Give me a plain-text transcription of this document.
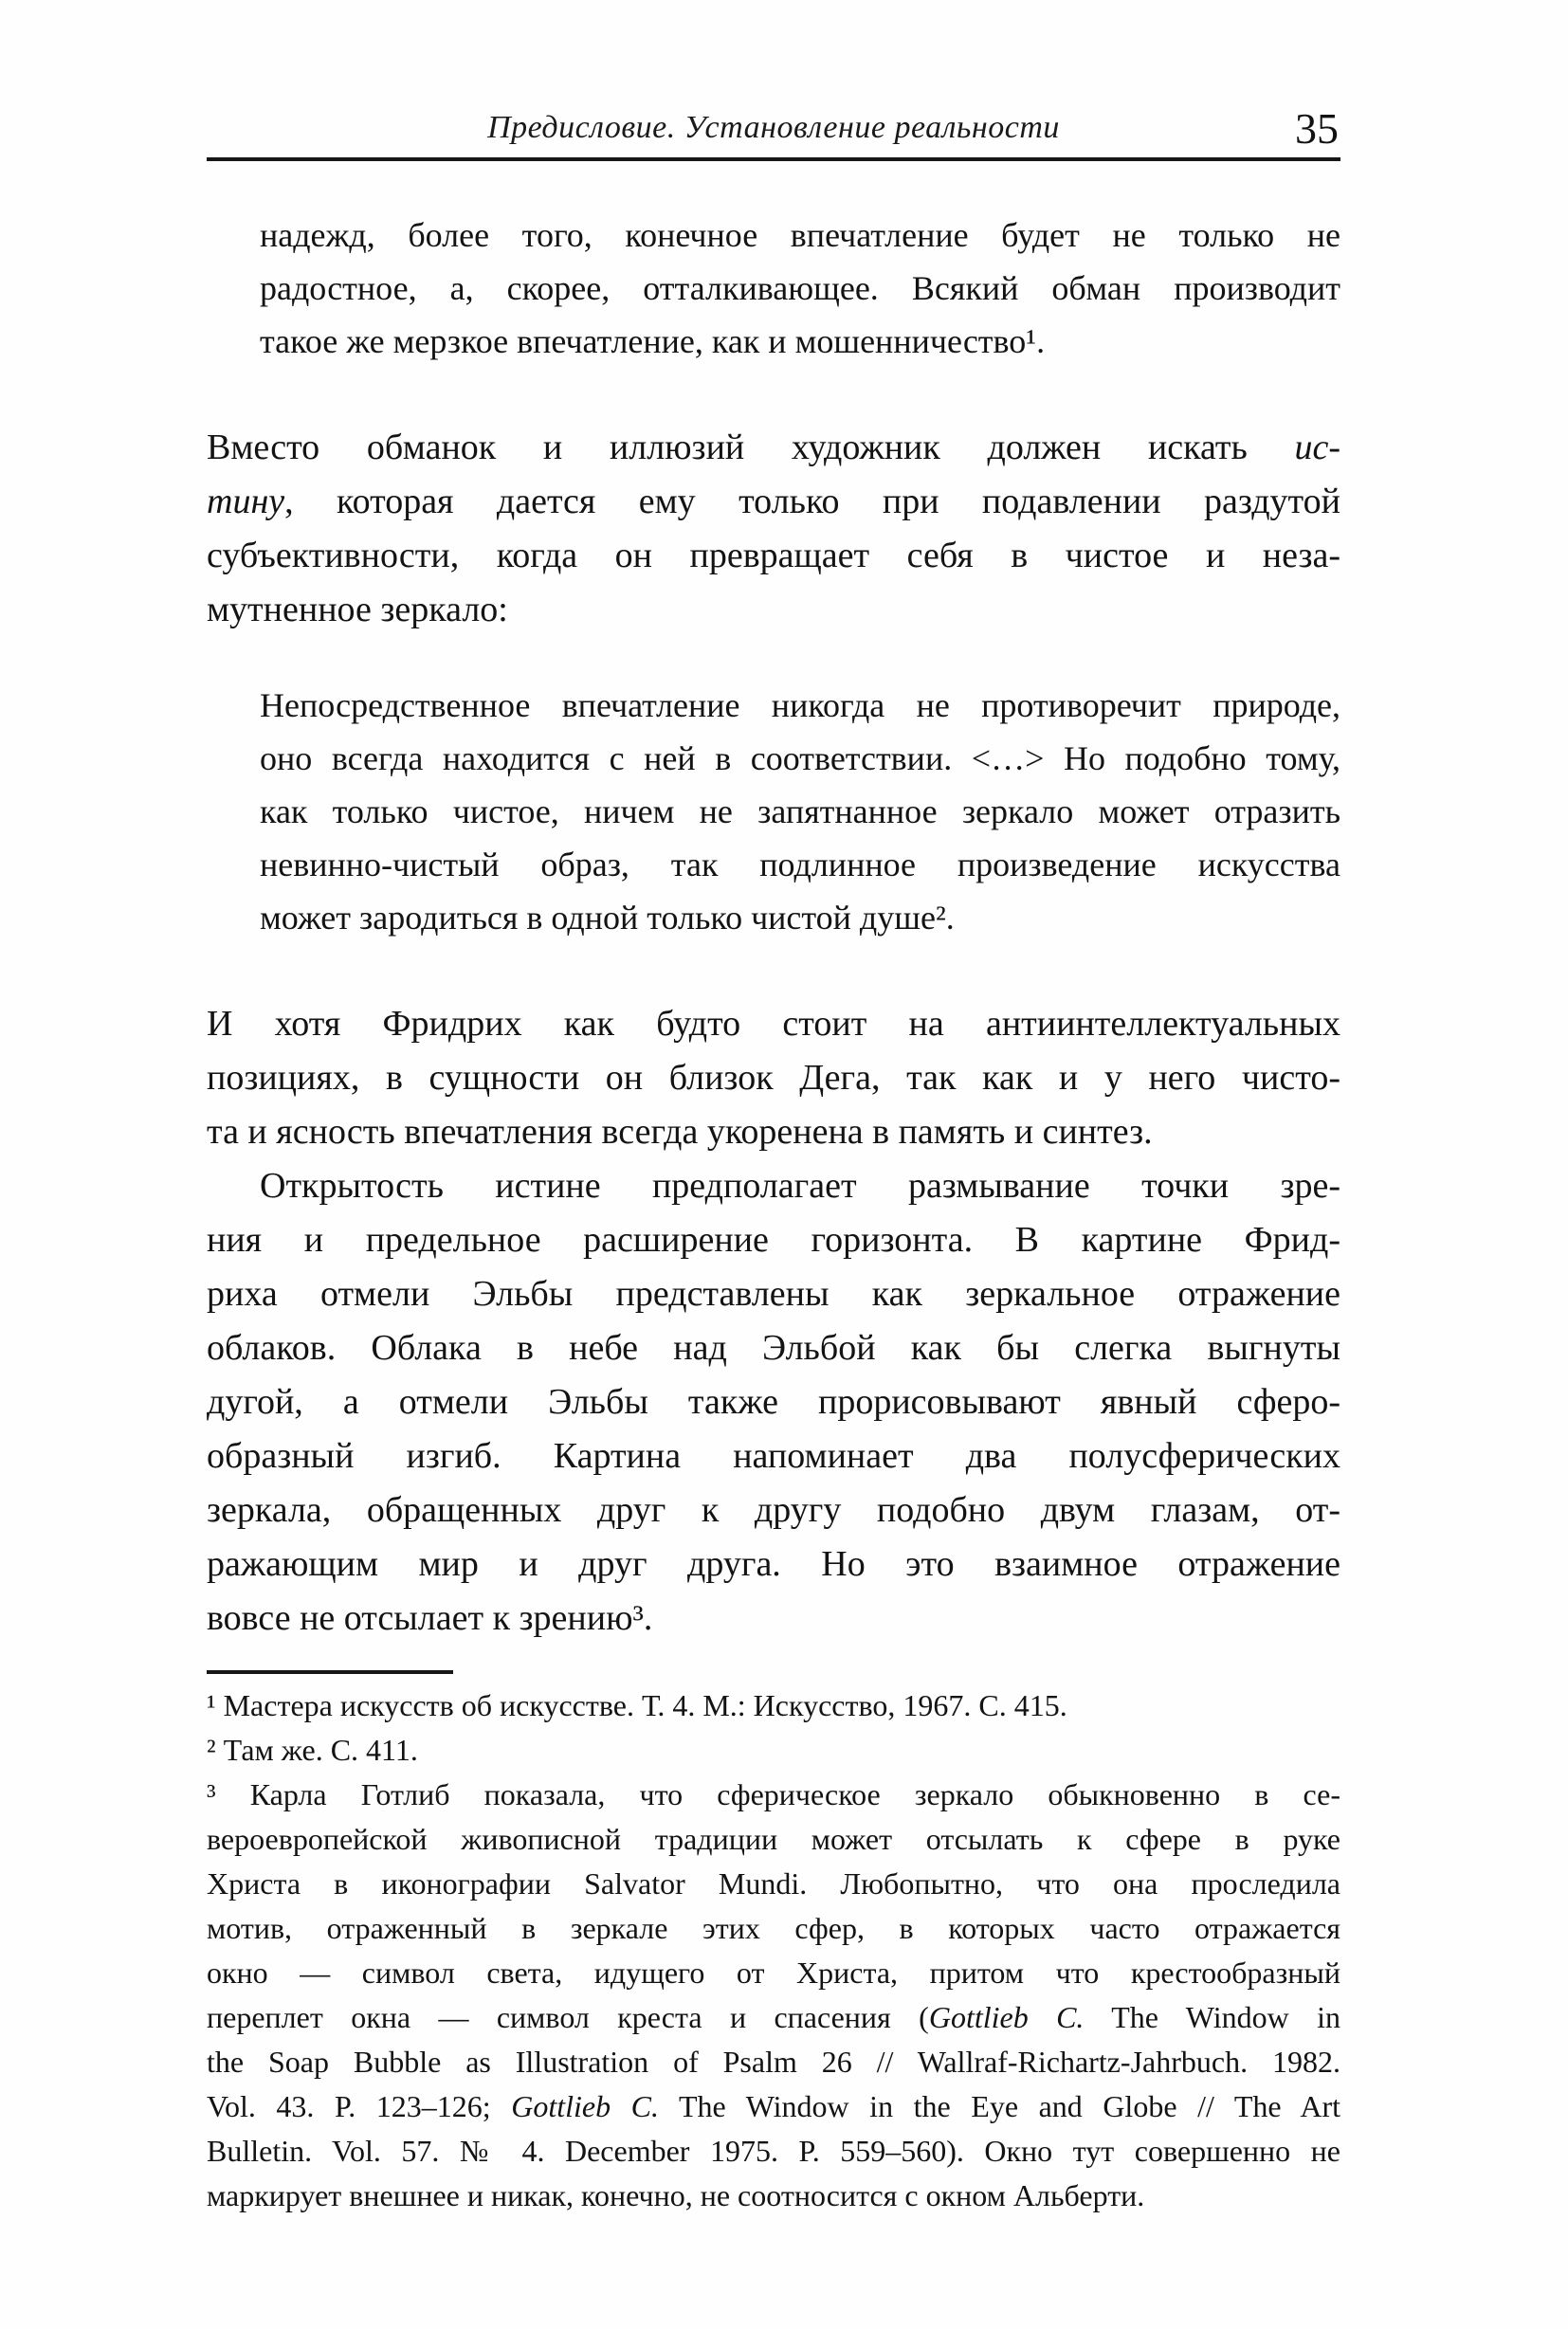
Предисловие. Установление реальности	35
надежд, более того, конечное впечатление будет не только не
радостное, а, скорее, отталкивающее. Всякий обман производит
такое же мерзкое впечатление, как и мошенничество¹.
Вместо обманок и иллюзий художник должен искать ис-
тину, которая дается ему только при подавлении раздутой
субъективности, когда он превращает себя в чистое и неза-
мутненное зеркало:
Непосредственное впечатление никогда не противоречит природе,
оно всегда находится с ней в соответствии. <…> Но подобно тому,
как только чистое, ничем не запятнанное зеркало может отразить
невинно-чистый образ, так подлинное произведение искусства
может зародиться в одной только чистой душе².
И хотя Фридрих как будто стоит на антиинтеллектуальных
позициях, в сущности он близок Дега, так как и у него чисто-
та и ясность впечатления всегда укоренена в память и синтез.
Открытость истине предполагает размывание точки зре-
ния и предельное расширение горизонта. В картине Фрид-
риха отмели Эльбы представлены как зеркальное отражение
облаков. Облака в небе над Эльбой как бы слегка выгнуты
дугой, а отмели Эльбы также прорисовывают явный сферо-
образный изгиб. Картина напоминает два полусферических
зеркала, обращенных друг к другу подобно двум глазам, от-
ражающим мир и друг друга. Но это взаимное отражение
вовсе не отсылает к зрению³.
¹ Мастера искусств об искусстве. Т. 4. М.: Искусство, 1967. С. 415.
² Там же. С. 411.
³ Карла Готлиб показала, что сферическое зеркало обыкновенно в се-
вероевропейской живописной традиции может отсылать к сфере в руке
Христа в иконографии Salvator Mundi. Любопытно, что она проследила
мотив, отраженный в зеркале этих сфер, в которых часто отражается
окно — символ света, идущего от Христа, притом что крестообразный
переплет окна — символ креста и спасения (Gottlieb C. The Window in
the Soap Bubble as Illustration of Psalm 26 // Wallraf-Richartz-Jahrbuch. 1982.
Vol. 43. P. 123–126; Gottlieb C. The Window in the Eye and Globe // The Art
Bulletin. Vol. 57. № 4. December 1975. P. 559–560). Окно тут совершенно не
маркирует внешнее и никак, конечно, не соотносится с окном Альберти.
